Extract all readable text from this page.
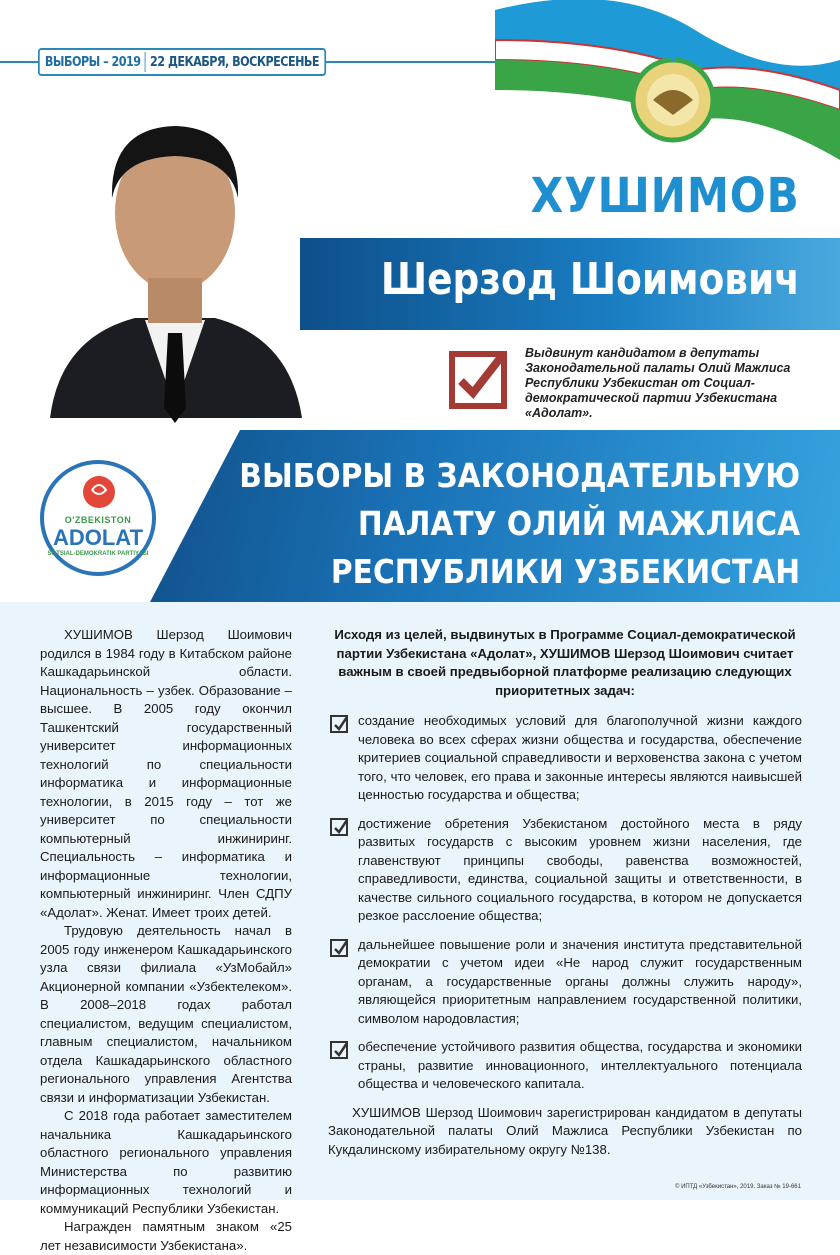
ВЫБОРЫ – 2019 22 ДЕКАБРЯ, ВОСКРЕСЕНЬЕ
ХУШИМОВ
Шерзод Шоимович
Выдвинут кандидатом в депутаты Законодательной палаты Олий Мажлиса Республики Узбекистан от Социал-демократической партии Узбекистана «Адолат».
ВЫБОРЫ В ЗАКОНОДАТЕЛЬНУЮ
ПАЛАТУ ОЛИЙ МАЖЛИСА
РЕСПУБЛИКИ УЗБЕКИСТАН
O'ZBEKISTON
ADOLAT
SOTSIAL-DEMOKRATIK PARTIYASI

ХУШИМОВ Шерзод Шоимович родился в 1984 году в Китабском районе Кашкадарьинской области. Национальность – узбек. Образование – высшее. В 2005 году окончил Ташкентский государственный университет информационных технологий по специальности информатика и информационные технологии, в 2015 году – тот же университет по специальности компьютерный инжиниринг. Специальность – информатика и информационные технологии, компьютерный инжиниринг. Член СДПУ «Адолат». Женат. Имеет троих детей.

Трудовую деятельность начал в 2005 году инженером Кашкадарьинского узла связи филиала «УзМобайл» Акционерной компании «Узбектелеком». В 2008–2018 годах работал специалистом, ведущим специалистом, главным специалистом, начальником отдела Кашкадарьинского областного регионального управления Агентства связи и информатизации Узбекистан.

С 2018 года работает заместителем начальника Кашкадарьинского областного регионального управления Министерства по развитию информационных технологий и коммуникаций Республики Узбекистан.

Награжден памятным знаком «25 лет независимости Узбекистана».

Исходя из целей, выдвинутых в Программе Социал-демократической партии Узбекистана «Адолат», ХУШИМОВ Шерзод Шоимович считает важным в своей предвыборной платформе реализацию следующих приоритетных задач:
создание необходимых условий для благополучной жизни каждого человека во всех сферах жизни общества и государства, обеспечение критериев социальной справедливости и верховенства закона с учетом того, что человек, его права и законные интересы являются наивысшей ценностью государства и общества;
достижение обретения Узбекистаном достойного места в ряду развитых государств с высоким уровнем жизни населения, где главенствуют принципы свободы, равенства возможностей, справедливости, единства, социальной защиты и ответственности, в качестве сильного социального государства, в котором не допускается резкое расслоение общества;
дальнейшее повышение роли и значения института представительной демократии с учетом идеи «Не народ служит государственным органам, а государственные органы должны служить народу», являющейся приоритетным направлением государственной политики, символом народовластия;
обеспечение устойчивого развития общества, государства и экономики страны, развитие инновационного, интеллектуального потенциала общества и человеческого капитала.
ХУШИМОВ Шерзод Шоимович зарегистрирован кандидатом в депутаты Законодательной палаты Олий Мажлиса Республики Узбекистан по Кукдалинскому избирательному округу №138.
© ИПТД «Узбекистан», 2019. Заказ № 19-661
